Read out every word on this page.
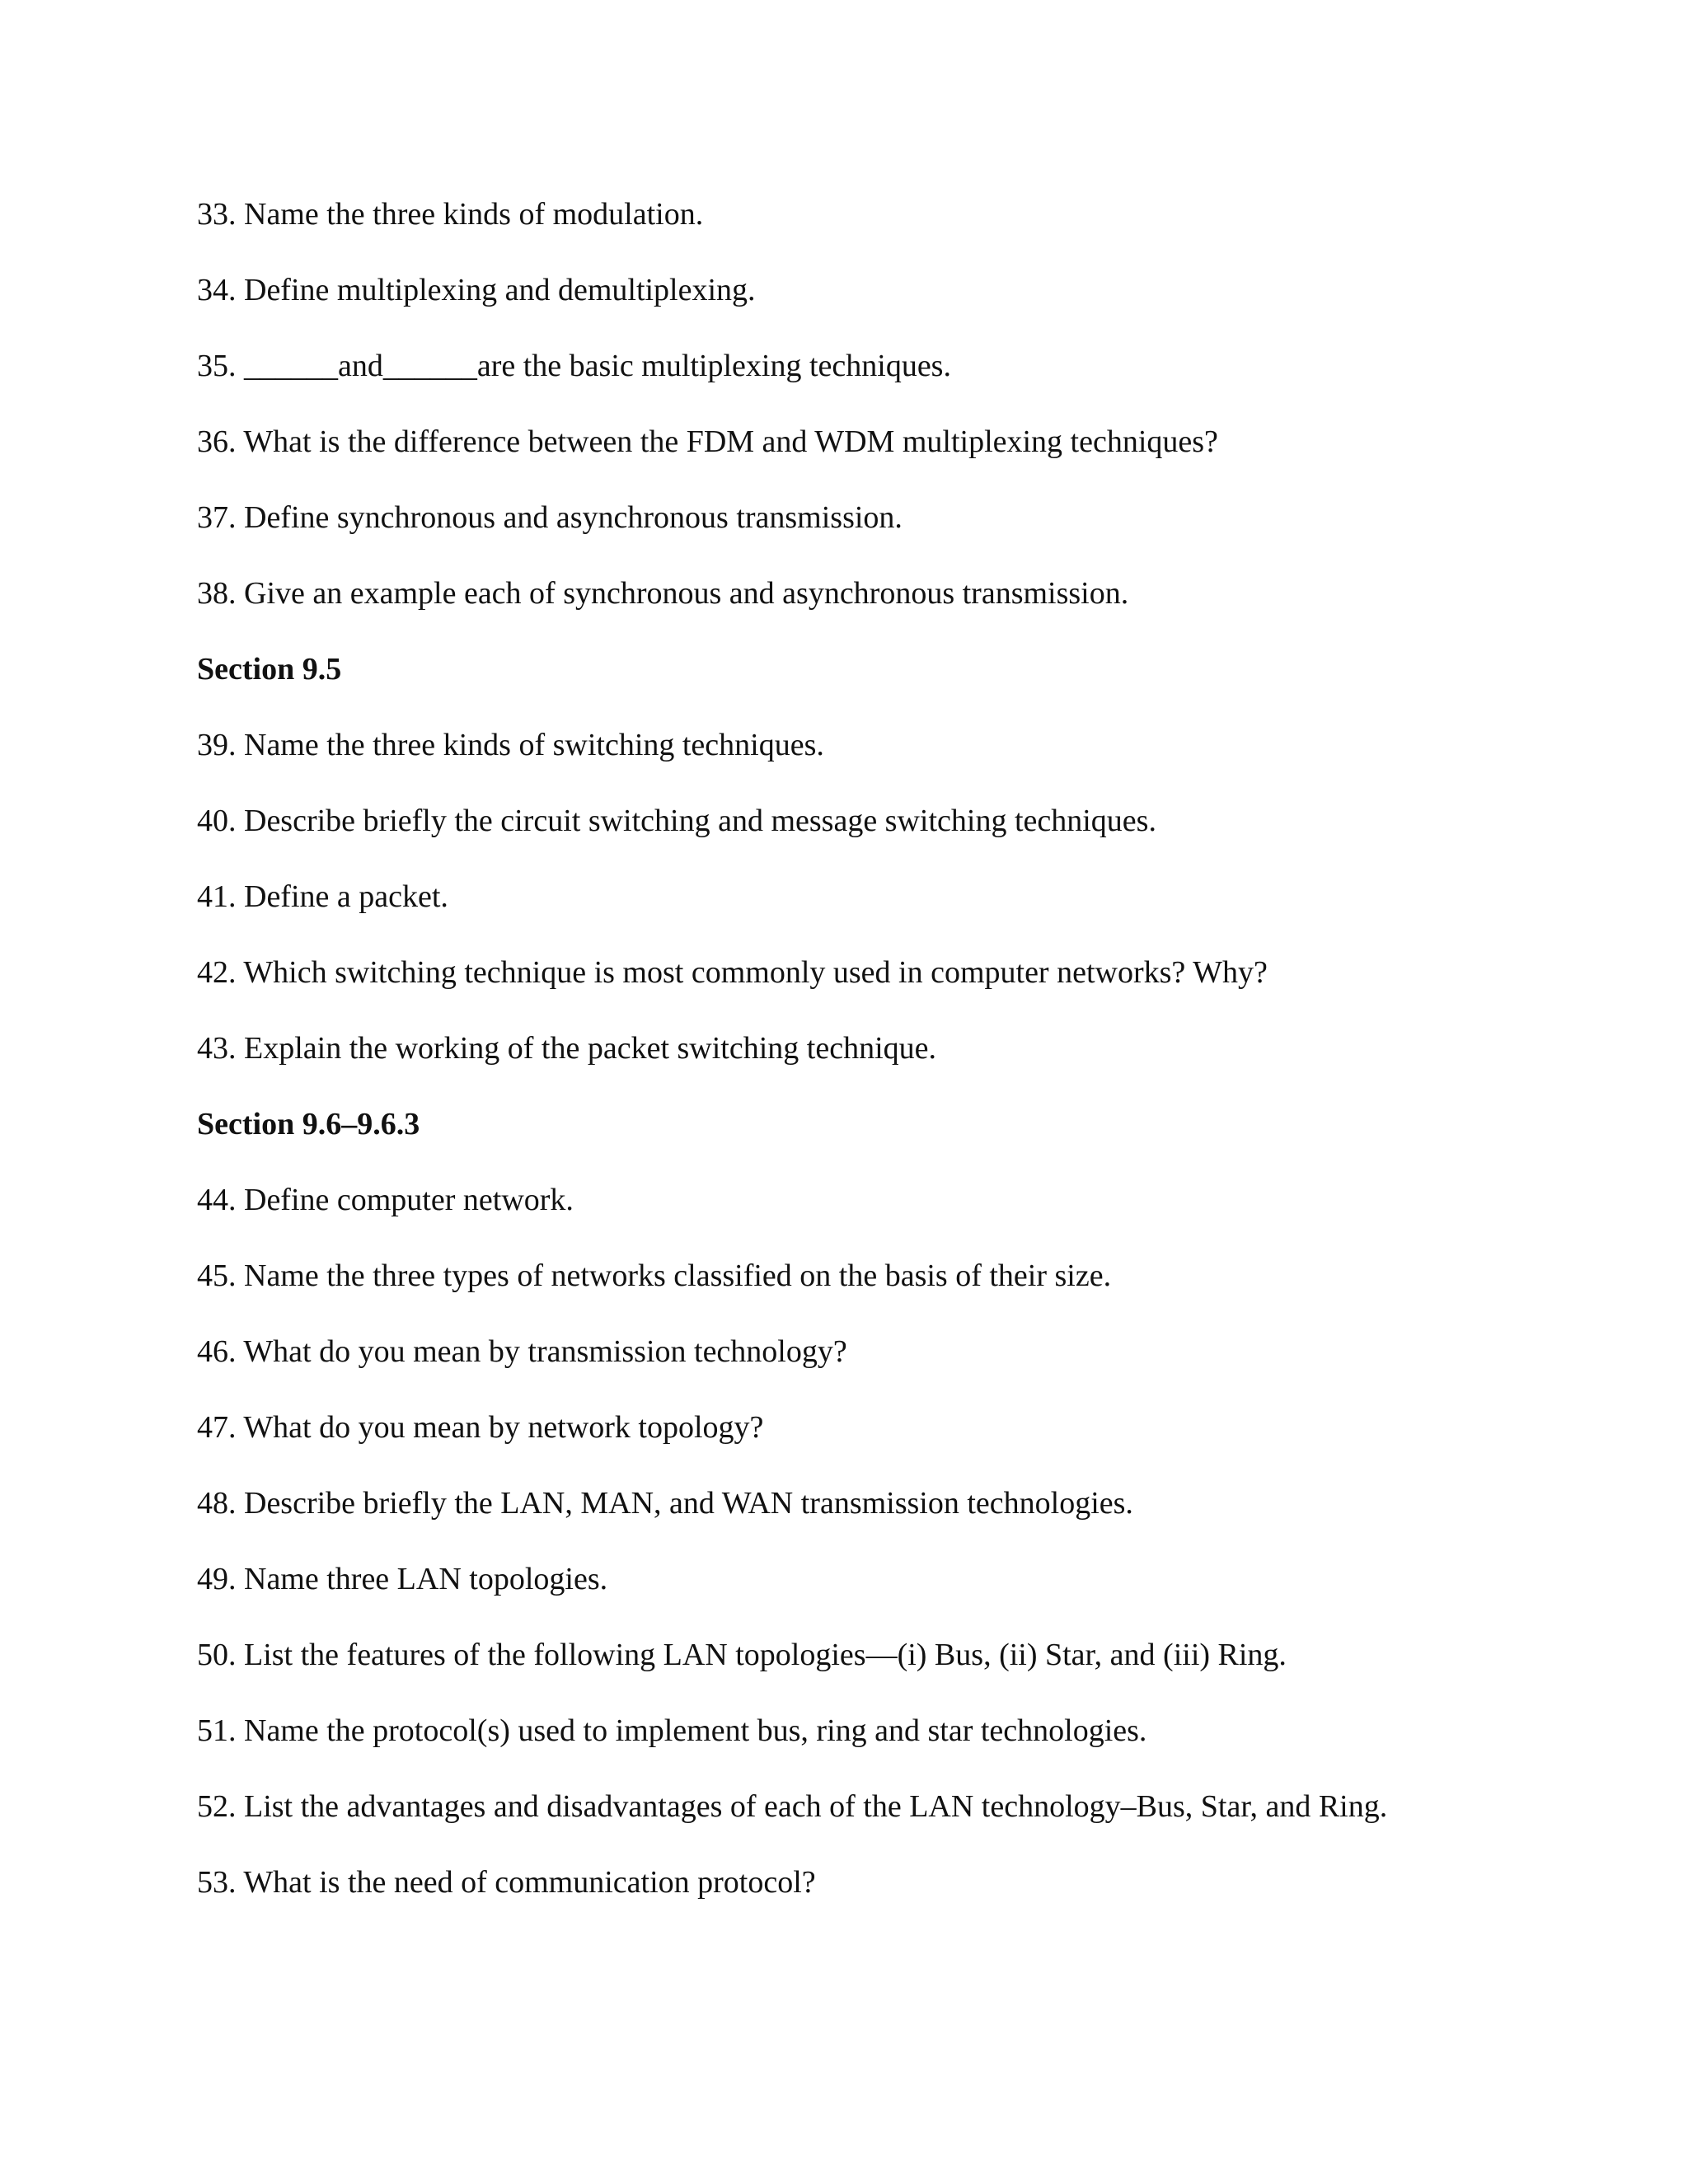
33. Name the three kinds of modulation.
34. Define multiplexing and demultiplexing.
35. ______and______are the basic multiplexing techniques.
36. What is the difference between the FDM and WDM multiplexing techniques?
37. Define synchronous and asynchronous transmission.
38. Give an example each of synchronous and asynchronous transmission.
Section 9.5
39. Name the three kinds of switching techniques.
40. Describe briefly the circuit switching and message switching techniques.
41. Define a packet.
42. Which switching technique is most commonly used in computer networks? Why?
43. Explain the working of the packet switching technique.
Section 9.6–9.6.3
44. Define computer network.
45. Name the three types of networks classified on the basis of their size.
46. What do you mean by transmission technology?
47. What do you mean by network topology?
48. Describe briefly the LAN, MAN, and WAN transmission technologies.
49. Name three LAN topologies.
50. List the features of the following LAN topologies—(i) Bus, (ii) Star, and (iii) Ring.
51. Name the protocol(s) used to implement bus, ring and star technologies.
52. List the advantages and disadvantages of each of the LAN technology–Bus, Star, and Ring.
53. What is the need of communication protocol?
